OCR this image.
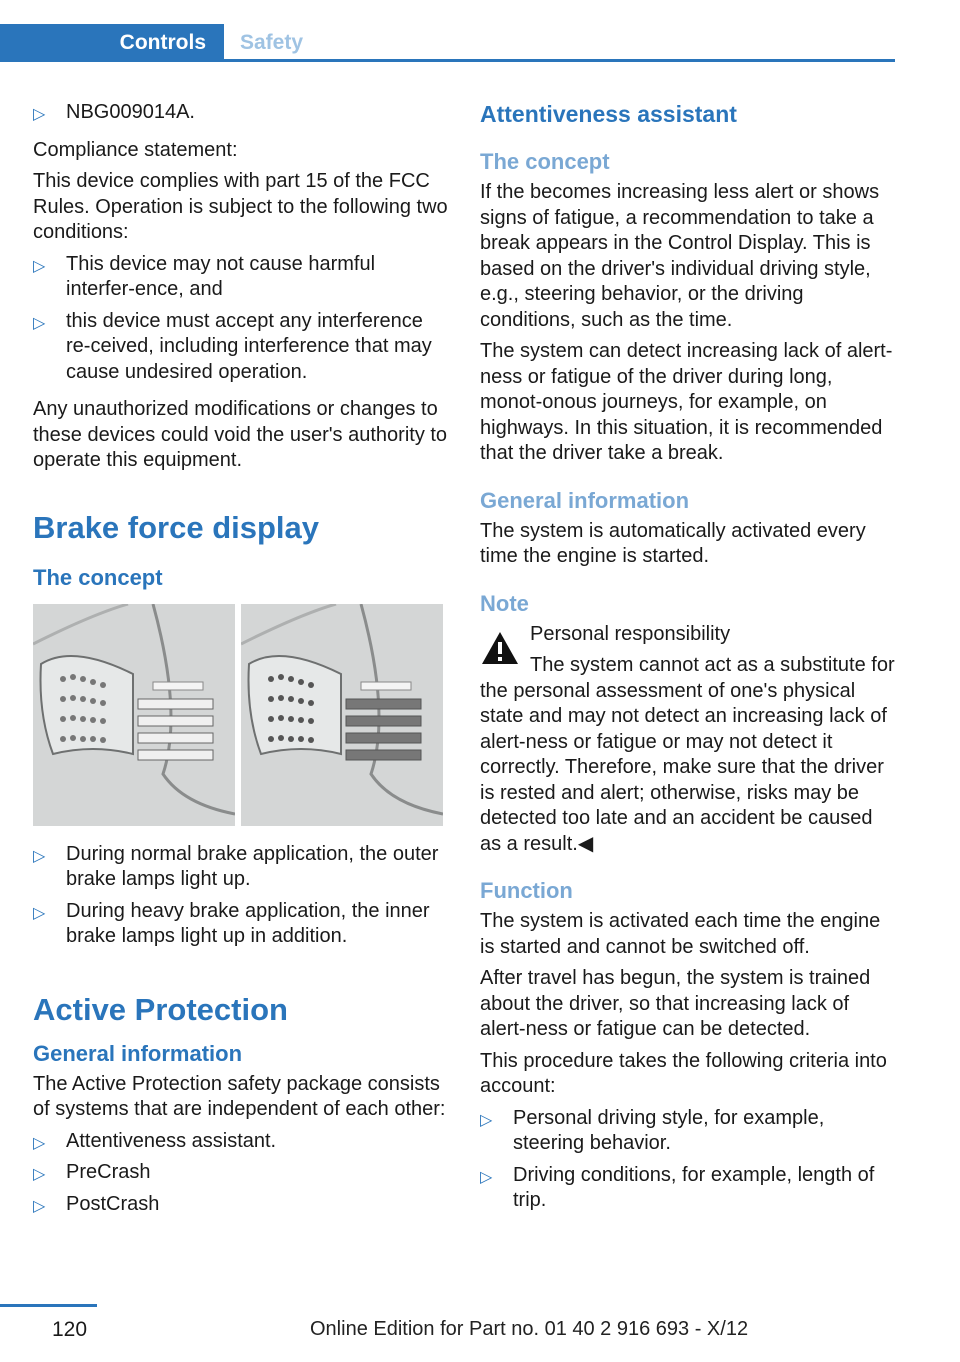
Controls	Safety
▷ NBG009014A.

Compliance statement:

This device complies with part 15 of the FCC Rules. Operation is subject to the following two conditions:

▷ This device may not cause harmful interfer‐ence, and
▷ this device must accept any interference re‐ceived, including interference that may cause undesired operation.

Any unauthorized modifications or changes to these devices could void the user's authority to operate this equipment.

Brake force display
The concept
▷ During normal brake application, the outer brake lamps light up.
▷ During heavy brake application, the inner brake lamps light up in addition.
Active Protection
General information

The Active Protection safety package consists of systems that are independent of each other:

▷ Attentiveness assistant.
▷ PreCrash
▷ PostCrash
Attentiveness assistant
The concept

If the becomes increasing less alert or shows signs of fatigue, a recommendation to take a break appears in the Control Display. This is based on the driver's individual driving style, e.g., steering behavior, or the driving conditions, such as the time.

The system can detect increasing lack of alert‐ness or fatigue of the driver during long, monot‐onous journeys, for example, on highways. In this situation, it is recommended that the driver take a break.

General information

The system is automatically activated every time the engine is started.

Note

Personal responsibility

The system cannot act as a substitute for the personal assessment of one's physical state and may not detect an increasing lack of alert‐ness or fatigue or may not detect it correctly. Therefore, make sure that the driver is rested and alert; otherwise, risks may be detected too late and an accident be caused as a result.◀

Function

The system is activated each time the engine is started and cannot be switched off.

After travel has begun, the system is trained about the driver, so that increasing lack of alert‐ness or fatigue can be detected.

This procedure takes the following criteria into account:

▷ Personal driving style, for example, steering behavior.
▷ Driving conditions, for example, length of trip.
120	Online Edition for Part no. 01 40 2 916 693 - X/12
